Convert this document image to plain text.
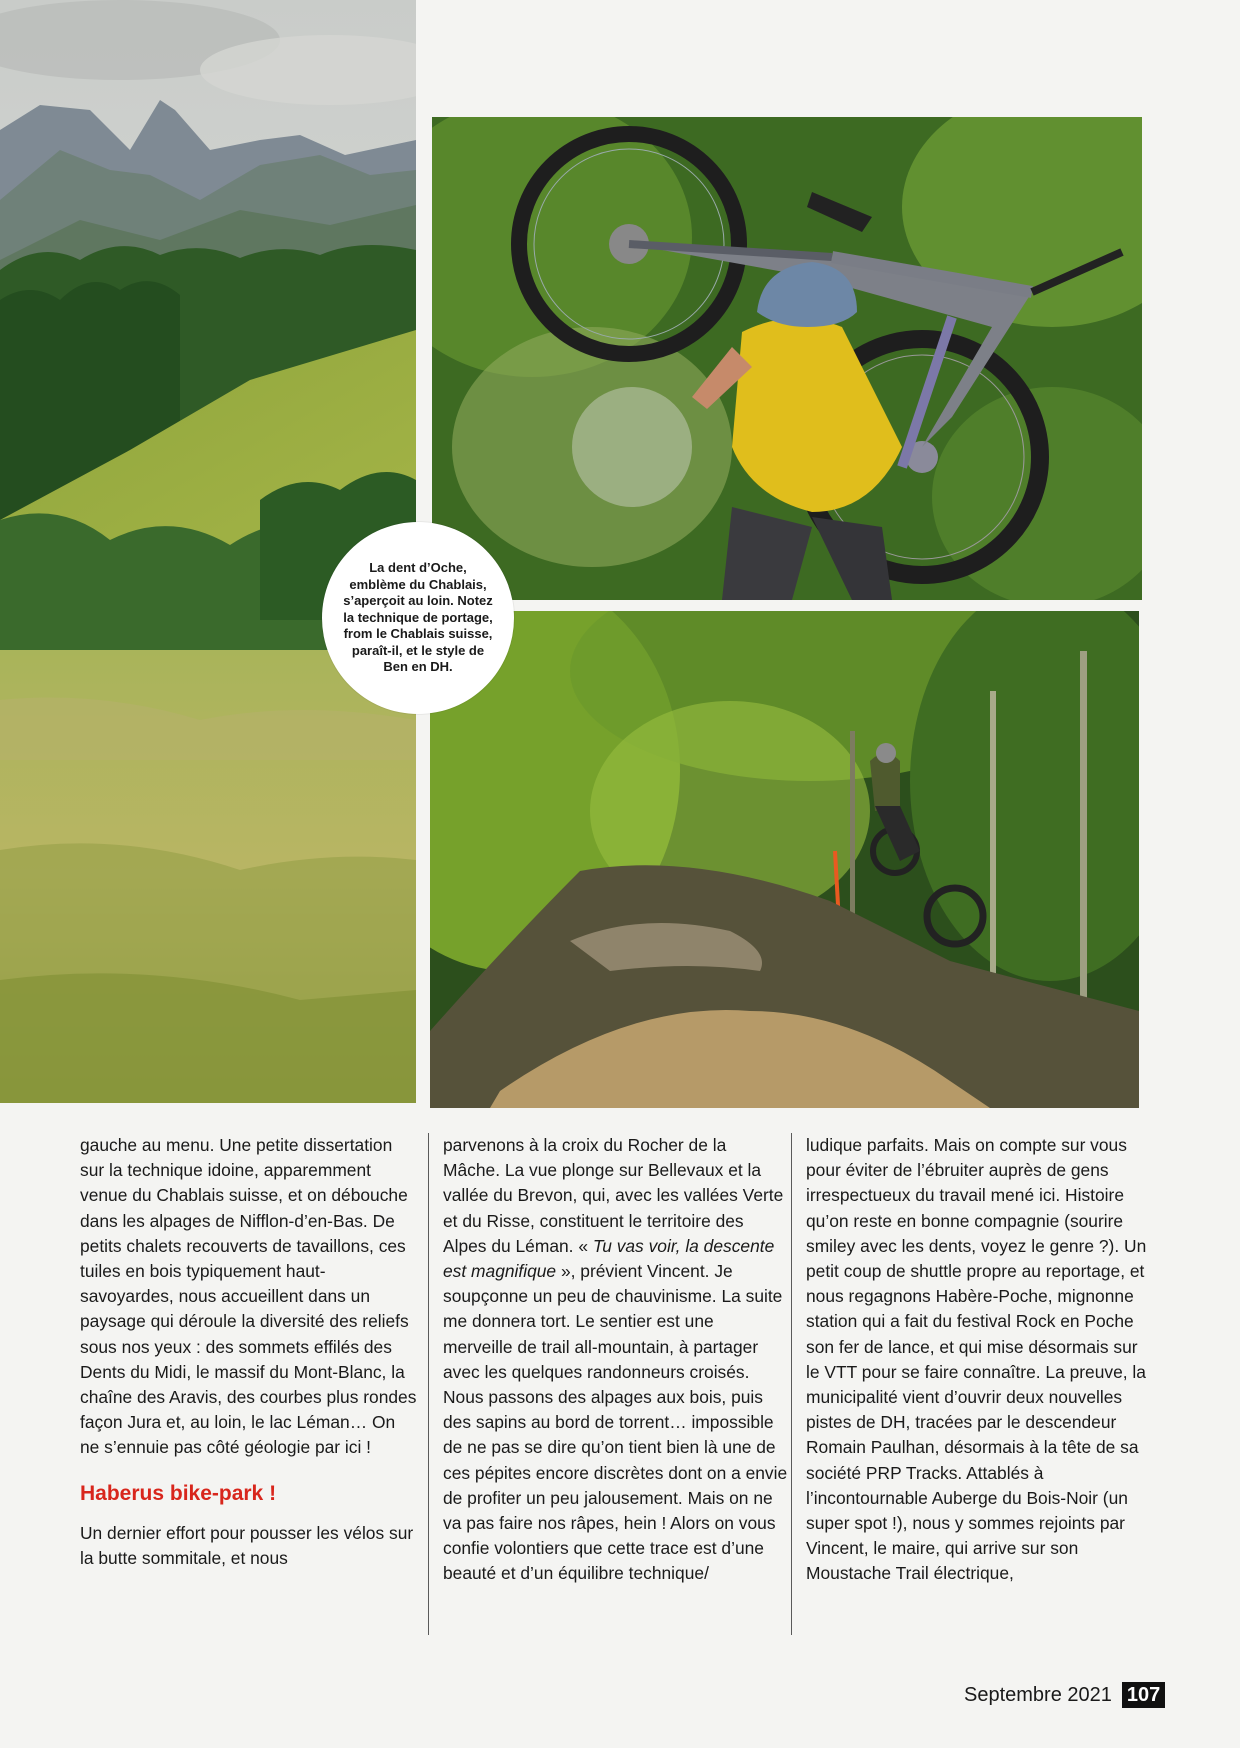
La dent d’Oche, emblème du Chablais, s’aperçoit au loin. Notez la technique de portage, from le Chablais suisse, paraît-il, et le style de Ben en DH.

gauche au menu. Une petite dissertation sur la technique idoine, apparemment venue du Chablais suisse, et on débouche dans les alpages de Nifflon-d’en-Bas. De petits chalets recouverts de tavaillons, ces tuiles en bois typiquement haut-savoyardes, nous accueillent dans un paysage qui déroule la diversité des reliefs sous nos yeux : des sommets effilés des Dents du Midi, le massif du Mont-Blanc, la chaîne des Aravis, des courbes plus rondes façon Jura et, au loin, le lac Léman… On ne s’ennuie pas côté géologie par ici !

Haberus bike-park !

Un dernier effort pour pousser les vélos sur la butte sommitale, et nous

parvenons à la croix du Rocher de la Mâche. La vue plonge sur Bellevaux et la vallée du Brevon, qui, avec les vallées Verte et du Risse, constituent le territoire des Alpes du Léman. « Tu vas voir, la descente est magnifique », prévient Vincent. Je soupçonne un peu de chauvinisme. La suite me donnera tort. Le sentier est une merveille de trail all-mountain, à partager avec les quelques randonneurs croisés. Nous passons des alpages aux bois, puis des sapins au bord de torrent… impossible de ne pas se dire qu’on tient bien là une de ces pépites encore discrètes dont on a envie de profiter un peu jalousement. Mais on ne va pas faire nos râpes, hein ! Alors on vous confie volontiers que cette trace est d’une beauté et d’un équilibre technique/

ludique parfaits. Mais on compte sur vous pour éviter de l’ébruiter auprès de gens irrespectueux du travail mené ici. Histoire qu’on reste en bonne compagnie (sourire smiley avec les dents, voyez le genre ?). Un petit coup de shuttle propre au reportage, et nous regagnons Habère-Poche, mignonne station qui a fait du festival Rock en Poche son fer de lance, et qui mise désormais sur le VTT pour se faire connaître. La preuve, la municipalité vient d’ouvrir deux nouvelles pistes de DH, tracées par le descendeur Romain Paulhan, désormais à la tête de sa société PRP Tracks. Attablés à l’incontournable Auberge du Bois-Noir (un super spot !), nous y sommes rejoints par Vincent, le maire, qui arrive sur son Moustache Trail électrique,

Septembre 2021 107
